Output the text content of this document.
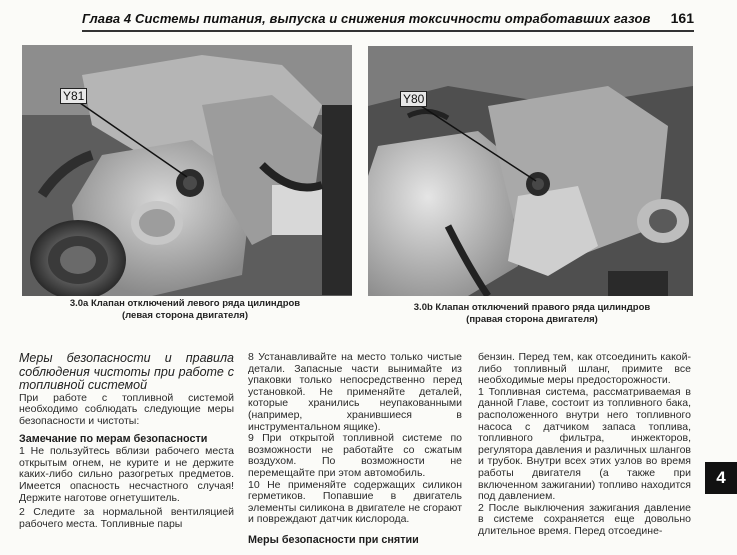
Глава 4 Системы питания, выпуска и снижения токсичности отработавших газов 161
Y81	Y80
3.0а Клапан отключений левого ряда цилиндров
(левая сторона двигателя)
3.0b Клапан отключений правого ряда цилиндров
(правая сторона двигателя)

Меры безопасности и правила соблюдения чистоты при работе с топливной системой

При работе с топливной системой необходимо соблюдать следующие меры безопасности и чистоты:

Замечание по мерам безопасности

1 Не пользуйтесь вблизи рабочего места открытым огнем, не курите и не держите каких-либо сильно разогретых предметов. Имеется опасность несчастного случая! Держите наготове огнетушитель.

2 Следите за нормальной вентиляцией рабочего места. Топливные пары

8 Устанавливайте на место только чистые детали. Запасные части вынимайте из упаковки только непосредственно перед установкой. Не применяйте деталей, которые хранились неупакованными (например, хранившиеся в инструментальном ящике).

9 При открытой топливной системе по возможности не работайте со сжатым воздухом. По возможности не перемещайте при этом автомобиль.

10 Не применяйте содержащих силикон герметиков. Попавшие в двигатель элементы силикона в двигателе не сгорают и повреждают датчик кислорода.

Меры безопасности при снятии

бензин. Перед тем, как отсоединить какой-либо топливный шланг, примите все необходимые меры предосторожности.

1 Топливная система, рассматриваемая в данной Главе, состоит из топливного бака, расположенного внутри него топливного насоса с датчиком запаса топлива, топливного фильтра, инжекторов, регулятора давления и различных шлангов и трубок. Внутри всех этих узлов во время работы двигателя (а также при включенном зажигании) топливо находится под давлением.

2 После выключения зажигания давление в системе сохраняется еще довольно длительное время. Перед отсоедине-

4
